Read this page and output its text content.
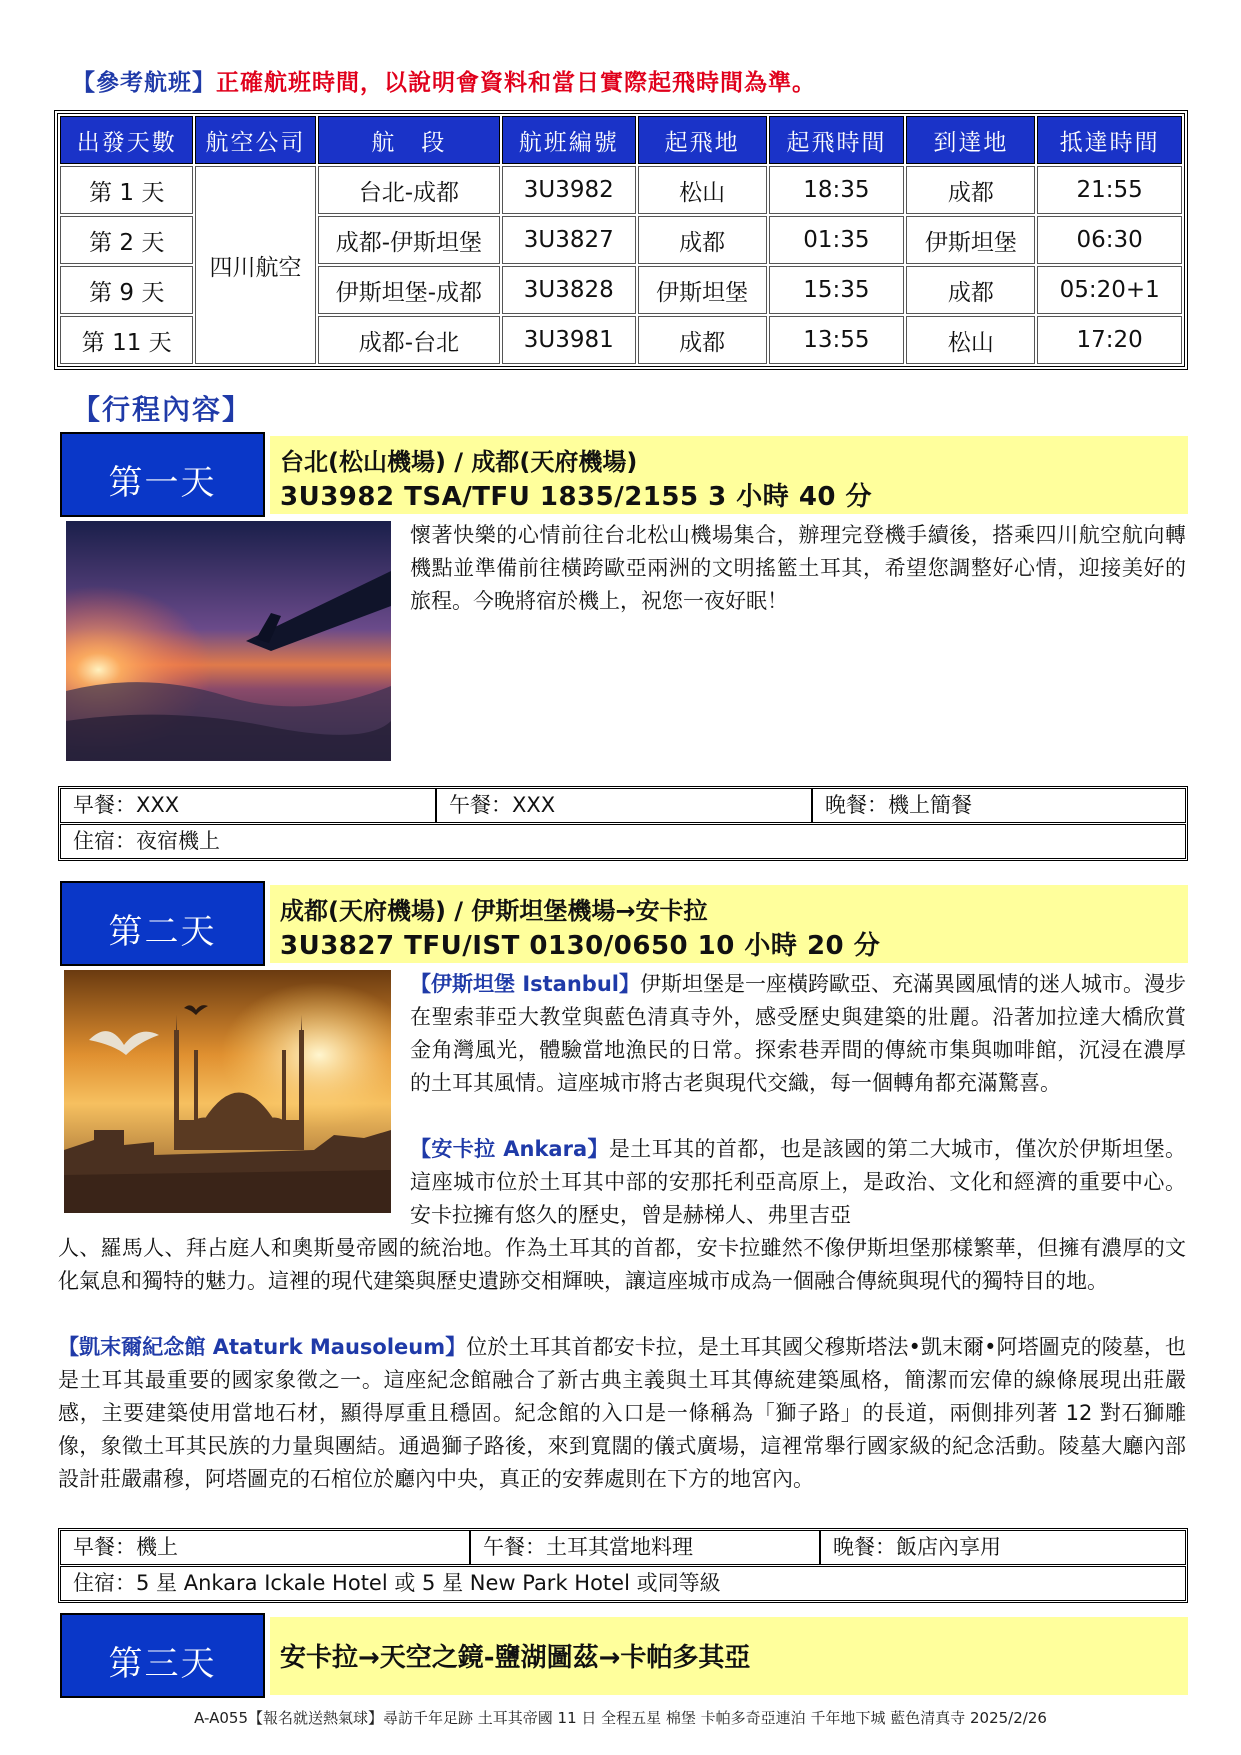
【參考航班】正確航班時間，以說明會資料和當日實際起飛時間為準。
出發天數	航空公司	航　段	航班編號	起飛地	起飛時間	到達地	抵達時間
第 1 天	四川航空	台北-成都	3U3982	松山	18:35	成都	21:55
第 2 天		成都-伊斯坦堡	3U3827	成都	01:35	伊斯坦堡	06:30
第 9 天		伊斯坦堡-成都	3U3828	伊斯坦堡	15:35	成都	05:20+1
第 11 天		成都-台北	3U3981	成都	13:55	松山	17:20
【行程內容】
第一天
台北(松山機場) / 成都(天府機場)
3U3982 TSA/TFU 1835/2155 3 小時 40 分
懷著快樂的心情前往台北松山機場集合，辦理完登機手續後，搭乘四川航空航向轉機點並準備前往橫跨歐亞兩洲的文明搖籃土耳其，希望您調整好心情，迎接美好的旅程。今晚將宿於機上，祝您一夜好眠！
早餐：XXX	午餐：XXX	晚餐：機上簡餐
住宿：夜宿機上
第二天
成都(天府機場) / 伊斯坦堡機場→安卡拉
3U3827 TFU/IST 0130/0650 10 小時 20 分
【伊斯坦堡 Istanbul】伊斯坦堡是一座橫跨歐亞、充滿異國風情的迷人城市。漫步在聖索菲亞大教堂與藍色清真寺外，感受歷史與建築的壯麗。沿著加拉達大橋欣賞金角灣風光，體驗當地漁民的日常。探索巷弄間的傳統市集與咖啡館，沉浸在濃厚的土耳其風情。這座城市將古老與現代交織，每一個轉角都充滿驚喜。
【安卡拉 Ankara】是土耳其的首都，也是該國的第二大城市，僅次於伊斯坦堡。這座城市位於土耳其中部的安那托利亞高原上，是政治、文化和經濟的重要中心。安卡拉擁有悠久的歷史，曾是赫梯人、弗里吉亞
人、羅馬人、拜占庭人和奧斯曼帝國的統治地。作為土耳其的首都，安卡拉雖然不像伊斯坦堡那樣繁華，但擁有濃厚的文化氣息和獨特的魅力。這裡的現代建築與歷史遺跡交相輝映，讓這座城市成為一個融合傳統與現代的獨特目的地。
【凱末爾紀念館 Ataturk Mausoleum】位於土耳其首都安卡拉，是土耳其國父穆斯塔法•凱末爾•阿塔圖克的陵墓，也是土耳其最重要的國家象徵之一。這座紀念館融合了新古典主義與土耳其傳統建築風格，簡潔而宏偉的線條展現出莊嚴感，主要建築使用當地石材，顯得厚重且穩固。紀念館的入口是一條稱為「獅子路」的長道，兩側排列著 12 對石獅雕像，象徵土耳其民族的力量與團結。通過獅子路後，來到寬闊的儀式廣場，這裡常舉行國家級的紀念活動。陵墓大廳內部設計莊嚴肅穆，阿塔圖克的石棺位於廳內中央，真正的安葬處則在下方的地宮內。
早餐：機上	午餐：土耳其當地料理	晚餐：飯店內享用
住宿：5 星 Ankara Ickale Hotel 或 5 星 New Park Hotel 或同等級
第三天	安卡拉→天空之鏡-鹽湖圖茲→卡帕多其亞
A-A055【報名就送熱氣球】尋訪千年足跡 土耳其帝國 11 日 全程五星 棉堡 卡帕多奇亞連泊 千年地下城 藍色清真寺 2025/2/26
